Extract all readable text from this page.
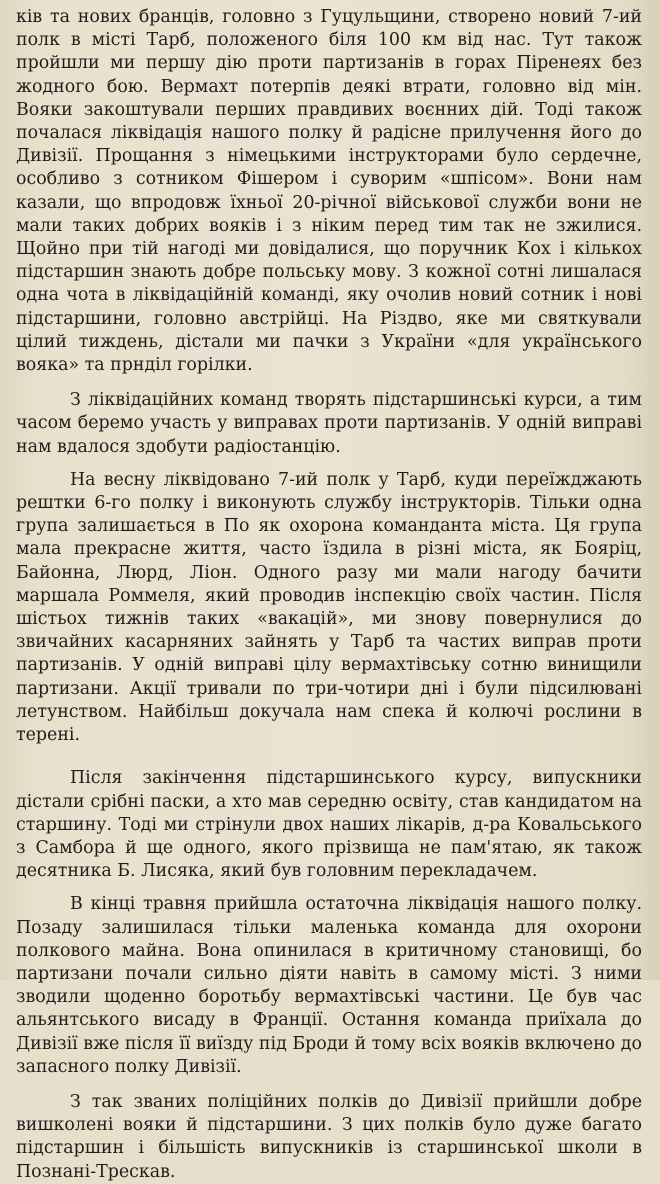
ків та нових бранців, головно з Гуцульщини, створено новий 7-ий полк в місті Тарб, положеного біля 100 км від нас. Тут також пройшли ми першу дію проти партизанів в горах Піренеях без жодного бою. Вермахт потерпів деякі втрати, головно від мін. Вояки закоштували перших правдивих воєнних дій. Тоді також почалася ліквідація нашого полку й радісне прилучення його до Дивізії. Прощання з німецькими інструкторами було сердечне, особливо з сотником Фішером і суворим «шпісом». Вони нам казали, що впродовж їхньої 20-річної військової служби вони не мали таких добрих вояків і з ніким перед тим так не зжилися. Щойно при тій нагоді ми довідалися, що поручник Кох і кількох підстаршин знають добре польську мову. З кожної сотні лишалася одна чота в ліквідаційній команді, яку очолив новий сотник і нові підстаршини, головно австрійці. На Різдво, яке ми святкували цілий тиждень, дістали ми пачки з України «для українського вояка» та прнділ горілки.

З ліквідаційних команд творять підстаршинські курси, а тим часом беремо участь у виправах проти партизанів. У одній виправі нам вдалося здобути радіостанцію.

На весну ліквідовано 7-ий полк у Тарб, куди переїжджають рештки 6-го полку і виконують службу інструкторів. Тільки одна група залишається в По як охорона команданта міста. Ця група мала прекрасне життя, часто їздила в різні міста, як Бояріц, Байонна, Люрд, Ліон. Одного разу ми мали нагоду бачити маршала Роммеля, який проводив інспекцію своїх частин. Після шістьох тижнів таких «вакацій», ми знову повернулися до звичайних касарняних зайнять у Тарб та частих виправ проти партизанів. У одній виправі цілу вермахтівську сотню винищили партизани. Акції тривали по три-чотири дні і були підсилювані летунством. Найбільш докучала нам спека й колючі рослини в терені.

Після закінчення підстаршинського курсу, випускники дістали срібні паски, а хто мав середню освіту, став кандидатом на старшину. Тоді ми стрінули двох наших лікарів, д-ра Ковальського з Самбора й ще одного, якого прізвища не пам'ятаю, як також десятника Б. Лисяка, який був головним перекладачем.

В кінці травня прийшла остаточна ліквідація нашого полку. Позаду залишилася тільки маленька команда для охорони полкового майна. Вона опинилася в критичному становищі, бо партизани почали сильно діяти навіть в самому місті. З ними зводили щоденно боротьбу вермахтівські частини. Це був час альянтського висаду в Франції. Остання команда приїхала до Дивізії вже після її виїзду під Броди й тому всіх вояків включено до запасного полку Дивізії.

З так званих поліційних полків до Дивізії прийшли добре вишколені вояки й підстаршини. З цих полків було дуже багато підстаршин і більшість випускників із старшинської школи в Познані-Трескав.
